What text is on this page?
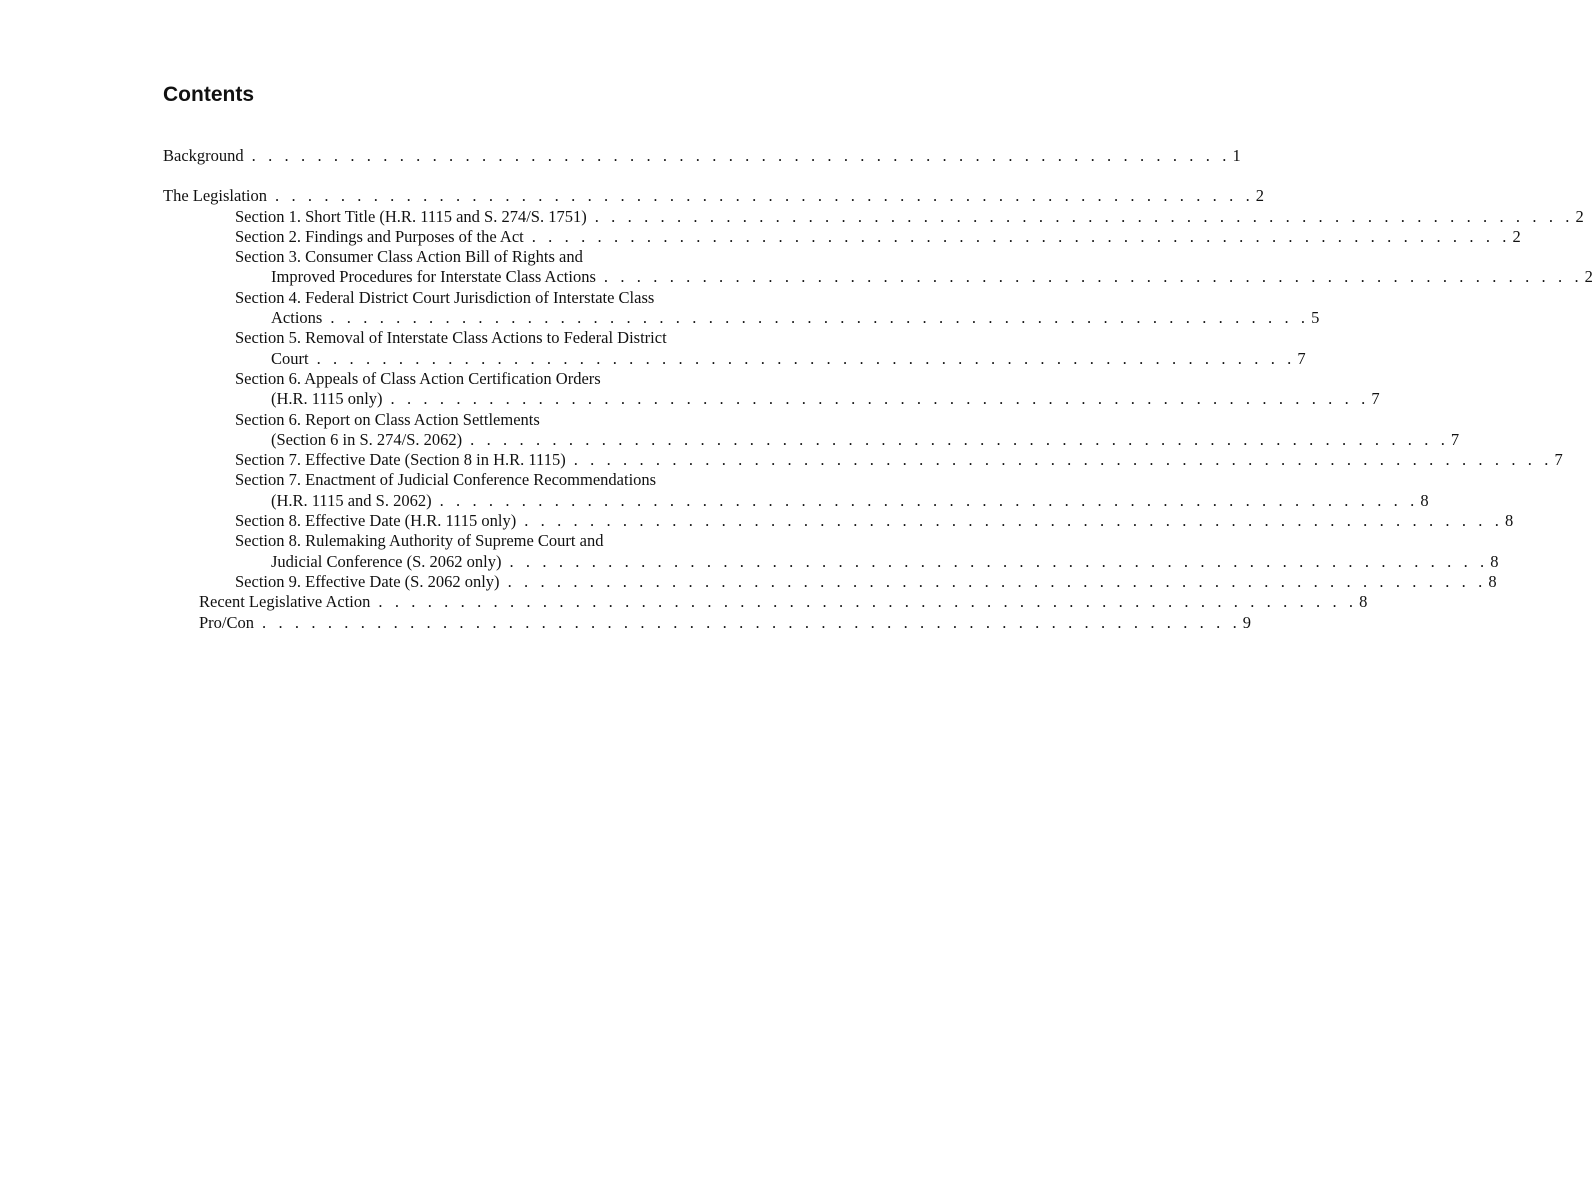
Contents
Background . . . . . . . . . . . . . . . . . . . . . . . . . . . . . . . . . . . . . . . . . . . . . . . . . . . . . . . . . . . . 1
The Legislation . . . . . . . . . . . . . . . . . . . . . . . . . . . . . . . . . . . . . . . . . . . . . . . . . . . . . . . . . . . . 2
Section 1. Short Title (H.R. 1115 and S. 274/S. 1751) . . . . . . . . . . . . . . . . . . . . . . . . . . . . . . . . . . . . . . . . . . . . . . . . . . . . . . . . . . . . 2
Section 2. Findings and Purposes of the Act . . . . . . . . . . . . . . . . . . . . . . . . . . . . . . . . . . . . . . . . . . . . . . . . . . . . . . . . . . . . 2
Section 3. Consumer Class Action Bill of Rights and
Improved Procedures for Interstate Class Actions . . . . . . . . . . . . . . . . . . . . . . . . . . . . . . . . . . . . . . . . . . . . . . . . . . . . . . . . . . . . 2
Section 4. Federal District Court Jurisdiction of Interstate Class
Actions . . . . . . . . . . . . . . . . . . . . . . . . . . . . . . . . . . . . . . . . . . . . . . . . . . . . . . . . . . . . 5
Section 5. Removal of Interstate Class Actions to Federal District
Court . . . . . . . . . . . . . . . . . . . . . . . . . . . . . . . . . . . . . . . . . . . . . . . . . . . . . . . . . . . . 7
Section 6. Appeals of Class Action Certification Orders
(H.R. 1115 only) . . . . . . . . . . . . . . . . . . . . . . . . . . . . . . . . . . . . . . . . . . . . . . . . . . . . . . . . . . . . 7
Section 6. Report on Class Action Settlements
(Section 6 in S. 274/S. 2062) . . . . . . . . . . . . . . . . . . . . . . . . . . . . . . . . . . . . . . . . . . . . . . . . . . . . . . . . . . . . 7
Section 7. Effective Date (Section 8 in H.R. 1115) . . . . . . . . . . . . . . . . . . . . . . . . . . . . . . . . . . . . . . . . . . . . . . . . . . . . . . . . . . . . 7
Section 7. Enactment of Judicial Conference Recommendations
(H.R. 1115 and S. 2062) . . . . . . . . . . . . . . . . . . . . . . . . . . . . . . . . . . . . . . . . . . . . . . . . . . . . . . . . . . . . 8
Section 8. Effective Date (H.R. 1115 only) . . . . . . . . . . . . . . . . . . . . . . . . . . . . . . . . . . . . . . . . . . . . . . . . . . . . . . . . . . . . 8
Section 8. Rulemaking Authority of Supreme Court and
Judicial Conference (S. 2062 only) . . . . . . . . . . . . . . . . . . . . . . . . . . . . . . . . . . . . . . . . . . . . . . . . . . . . . . . . . . . . 8
Section 9. Effective Date (S. 2062 only) . . . . . . . . . . . . . . . . . . . . . . . . . . . . . . . . . . . . . . . . . . . . . . . . . . . . . . . . . . . . 8
Recent Legislative Action . . . . . . . . . . . . . . . . . . . . . . . . . . . . . . . . . . . . . . . . . . . . . . . . . . . . . . . . . . . . 8
Pro/Con . . . . . . . . . . . . . . . . . . . . . . . . . . . . . . . . . . . . . . . . . . . . . . . . . . . . . . . . . . . . 9
